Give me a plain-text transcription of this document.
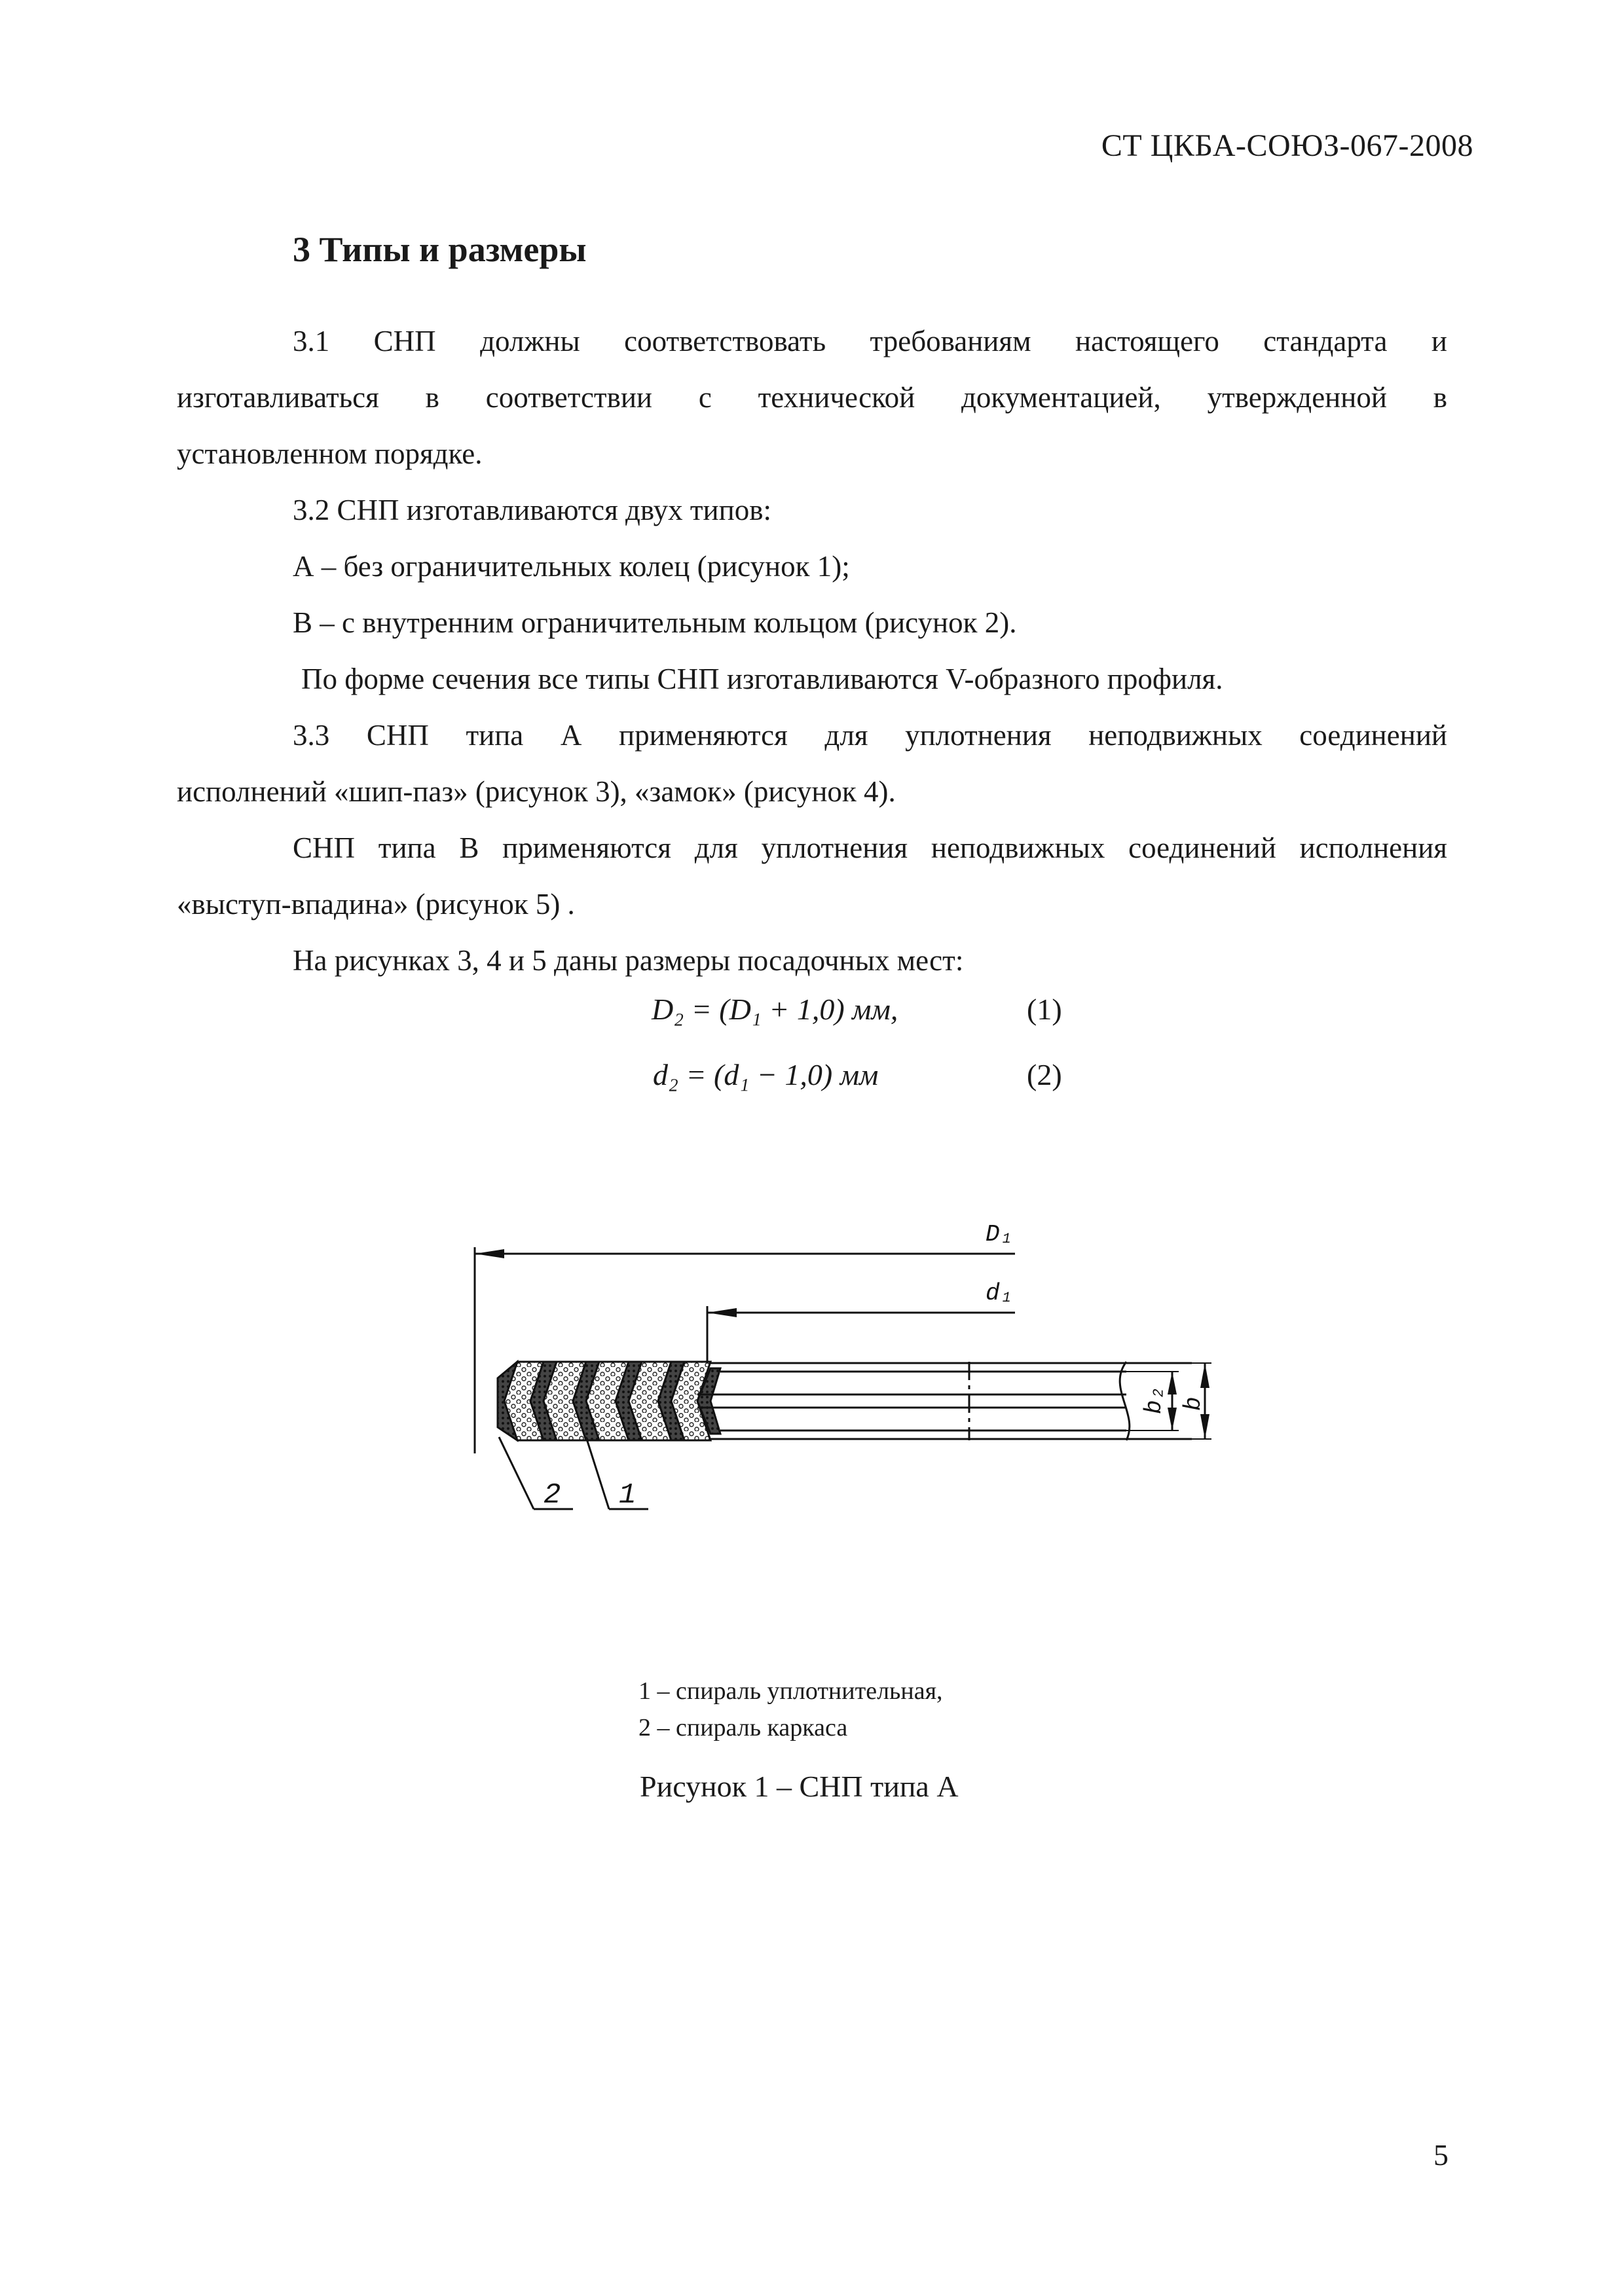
СТ ЦКБА-СОЮЗ-067-2008
3 Типы и размеры

3.1 СНП должны соответствовать требованиям настоящего стандарта и

изготавливаться в соответствии с технической документацией, утвержденной в

установленном порядке.

3.2 СНП изготавливаются двух типов:

А – без ограничительных колец (рисунок 1);

В – с внутренним ограничительным кольцом (рисунок 2).

По форме сечения все типы СНП изготавливаются V-образного профиля.

3.3 СНП типа А применяются для уплотнения неподвижных соединений

исполнений «шип-паз» (рисунок 3), «замок» (рисунок 4).

СНП типа В применяются для уплотнения неподвижных соединений исполнения

«выступ-впадина» (рисунок 5) .

На рисунках 3, 4 и 5 даны размеры посадочных мест:

D₂ = (D₁ + 1,0) мм,	(1)
d₂ = (d₁ − 1,0) мм	(2)
D₁
d₁
b₂ b
2 1
1 – спираль уплотнительная,
2 – спираль каркаса
Рисунок 1 – СНП типа А
5
